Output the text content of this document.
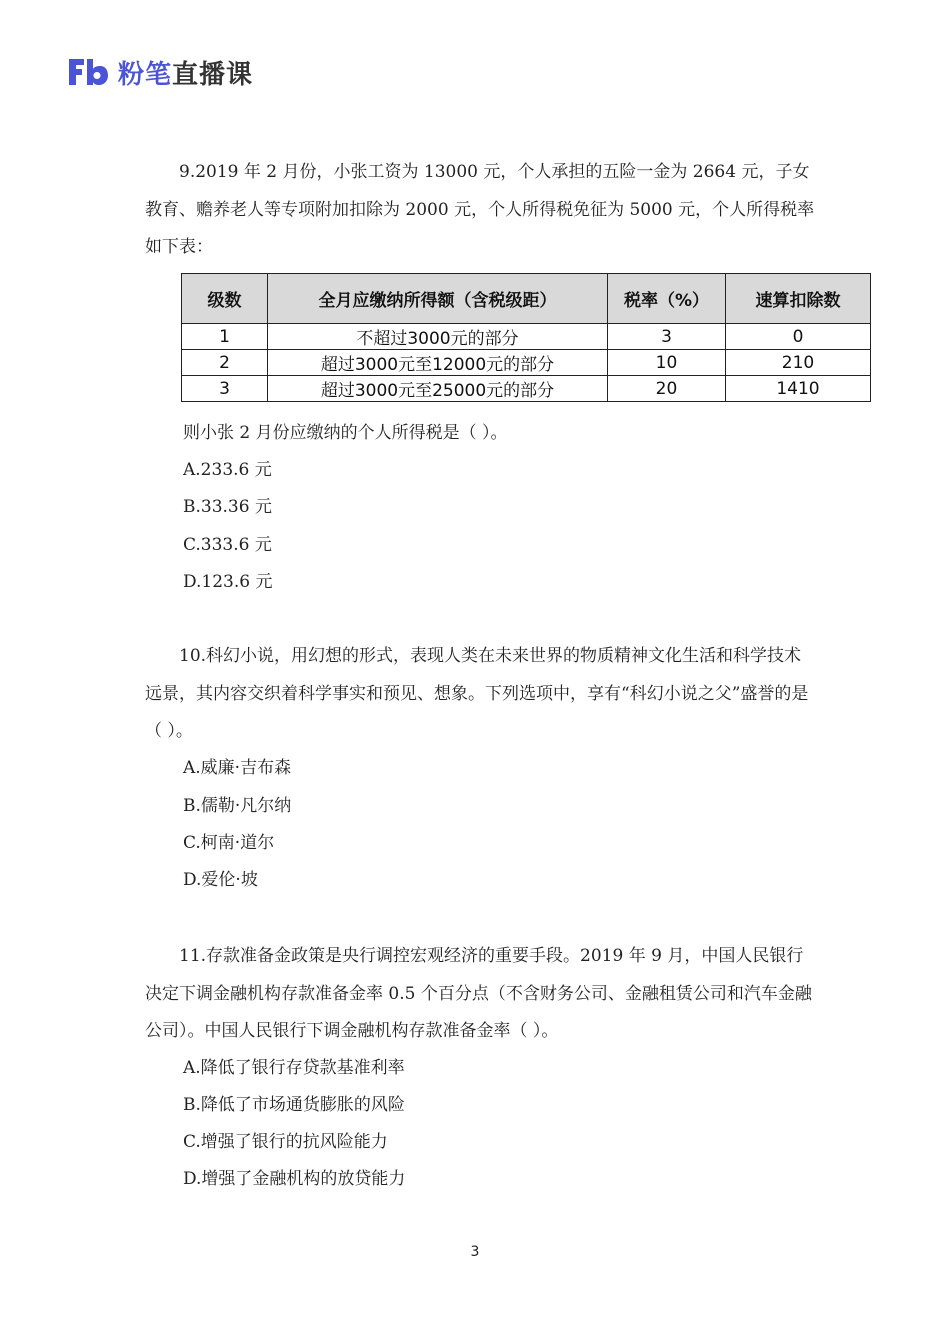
粉笔直播课

9.2019 年 2 月份，小张工资为 13000 元，个人承担的五险一金为 2664 元，子女教育、赡养老人等专项附加扣除为 2000 元，个人所得税免征为 5000 元，个人所得税率如下表：

级数	全月应缴纳所得额（含税级距）	税率（%）	速算扣除数
1	不超过3000元的部分	3	0
2	超过3000元至12000元的部分	10	210
3	超过3000元至25000元的部分	20	1410
则小张 2 月份应缴纳的个人所得税是（ ）。
A.233.6 元
B.33.36 元
C.333.6 元
D.123.6 元

10.科幻小说，用幻想的形式，表现人类在未来世界的物质精神文化生活和科学技术远景，其内容交织着科学事实和预见、想象。下列选项中，享有“科幻小说之父”盛誉的是（ ）。

A.威廉·吉布森
B.儒勒·凡尔纳
C.柯南·道尔
D.爱伦·坡

11.存款准备金政策是央行调控宏观经济的重要手段。2019 年 9 月，中国人民银行决定下调金融机构存款准备金率 0.5 个百分点（不含财务公司、金融租赁公司和汽车金融公司）。中国人民银行下调金融机构存款准备金率（ ）。

A.降低了银行存贷款基准利率
B.降低了市场通货膨胀的风险
C.增强了银行的抗风险能力
D.增强了金融机构的放贷能力
3
